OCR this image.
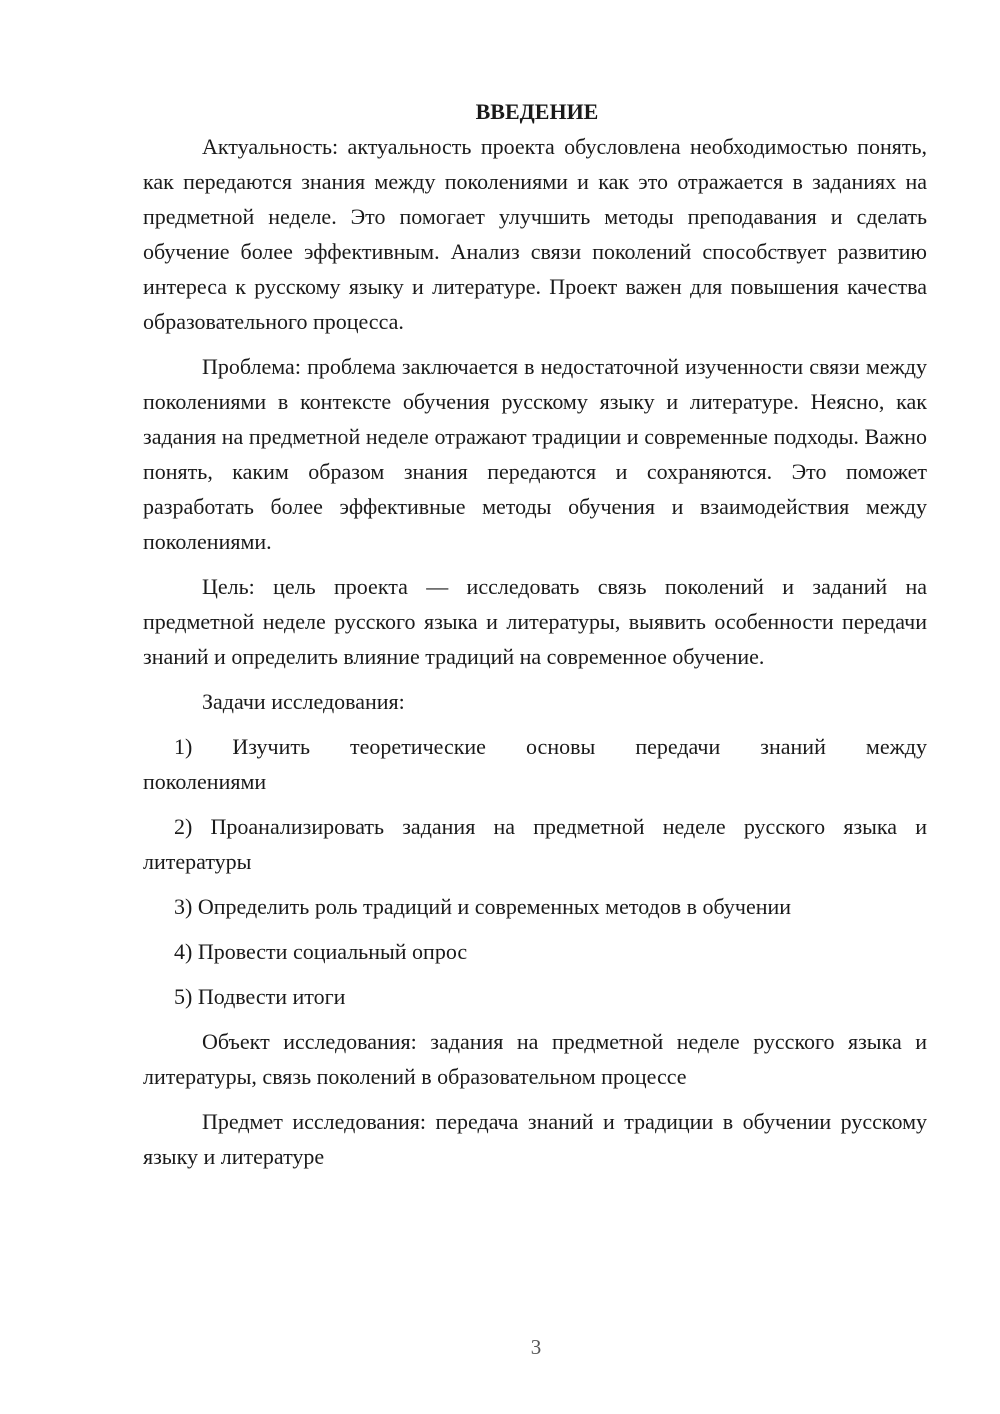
ВВЕДЕНИЕ

Актуальность: актуальность проекта обусловлена необходимостью понять, как передаются знания между поколениями и как это отражается в заданиях на предметной неделе. Это помогает улучшить методы преподавания и сделать обучение более эффективным. Анализ связи поколений способствует развитию интереса к русскому языку и литературе. Проект важен для повышения качества образовательного процесса.

Проблема: проблема заключается в недостаточной изученности связи между поколениями в контексте обучения русскому языку и литературе. Неясно, как задания на предметной неделе отражают традиции и современные подходы. Важно понять, каким образом знания передаются и сохраняются. Это поможет разработать более эффективные методы обучения и взаимодействия между поколениями.

Цель: цель проекта — исследовать связь поколений и заданий на предметной неделе русского языка и литературы, выявить особенности передачи знаний и определить влияние традиций на современное обучение.

Задачи исследования:

1) Изучить теоретические основы передачи знаний между
поколениями

2) Проанализировать задания на предметной неделе русского языка и
литературы

3) Определить роль традиций и современных методов в обучении

4) Провести социальный опрос

5) Подвести итоги

Объект исследования: задания на предметной неделе русского языка и литературы, связь поколений в образовательном процессе

Предмет исследования: передача знаний и традиции в обучении русскому языку и литературе

3
